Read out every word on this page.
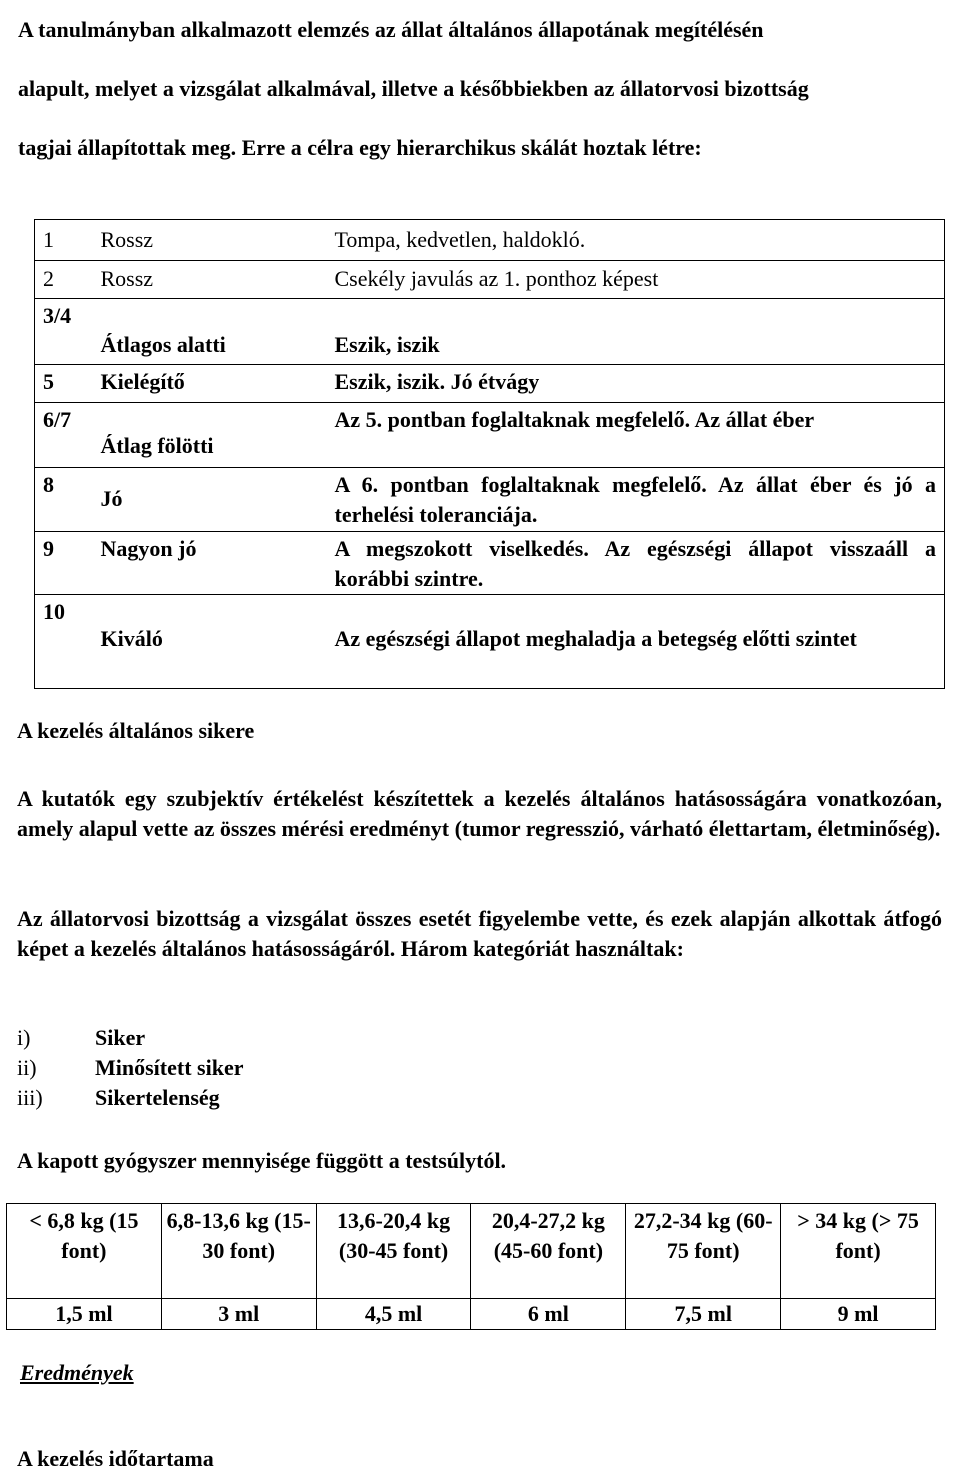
A tanulmányban alkalmazott elemzés az állat általános állapotának megítélésén

alapult, melyet a vizsgálat alkalmával, illetve a későbbiekben az állatorvosi bizottság

tagjai állapítottak meg. Erre a célra egy hierarchikus skálát hoztak létre:

1	Rossz	Tompa, kedvetlen, haldokló.
2	Rossz	Csekély javulás az 1. ponthoz képest
3/4	Átlagos alatti	Eszik, iszik
5	Kielégítő	Eszik, iszik. Jó étvágy
6/7	Átlag fölötti	Az 5. pontban foglaltaknak megfelelő. Az állat éber
8	Jó	A 6. pontban foglaltaknak megfelelő. Az állat éber és jó a terhelési toleranciája.
9	Nagyon jó	A megszokott viselkedés. Az egészségi állapot visszaáll a korábbi szintre.
10	Kiváló	Az egészségi állapot meghaladja a betegség előtti szintet
A kezelés általános sikere

A kutatók egy szubjektív értékelést készítettek a kezelés általános hatásosságára vonatkozóan, amely alapul vette az összes mérési eredményt (tumor regresszió, várható élettartam, életminőség).

Az állatorvosi bizottság a vizsgálat összes esetét figyelembe vette, és ezek alapján alkottak átfogó képet a kezelés általános hatásosságáról. Három kategóriát használtak:

i)	Siker
ii)	Minősített siker
iii) Sikertelenség
A kapott gyógyszer mennyisége függött a testsúlytól.
< 6,8 kg (15 font)	6,8-13,6 kg (15-30 font)	13,6-20,4 kg (30-45 font)	20,4-27,2 kg (45-60 font)	27,2-34 kg (60-75 font)	> 34 kg (> 75 font)
1,5 ml	3 ml	4,5 ml	6 ml	7,5 ml	9 ml
Eredmények
A kezelés időtartama
